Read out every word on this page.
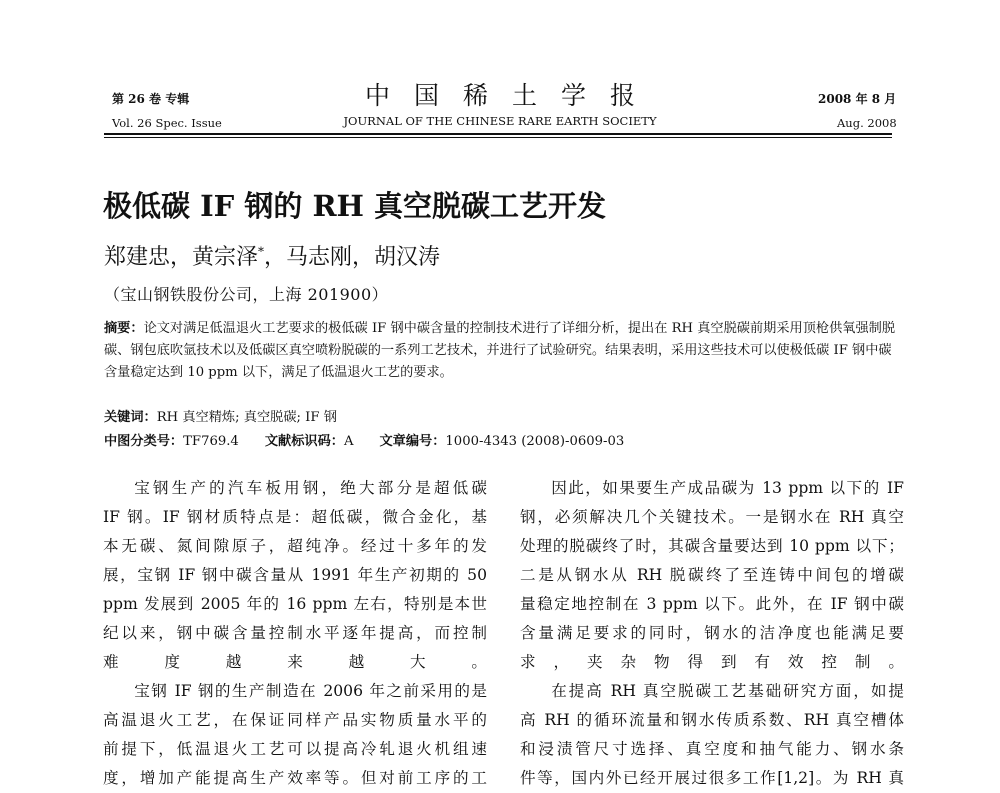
第 26 卷 专辑	中国稀土学报	2008 年 8 月
Vol. 26 Spec. Issue	JOURNAL OF THE CHINESE RARE EARTH SOCIETY	Aug. 2008
极低碳 IF 钢的 RH 真空脱碳工艺开发
郑建忠，黄宗泽*，马志刚，胡汉涛
（宝山钢铁股份公司，上海 201900）
摘要：论文对满足低温退火工艺要求的极低碳 IF 钢中碳含量的控制技术进行了详细分析，提出在 RH 真空脱碳前期采用顶枪供氧强制脱碳、钢包底吹氩技术以及低碳区真空喷粉脱碳的一系列工艺技术，并进行了试验研究。结果表明，采用这些技术可以使极低碳 IF 钢中碳含量稳定达到 10 ppm 以下，满足了低温退火工艺的要求。
关键词：RH 真空精炼; 真空脱碳; IF 钢
中图分类号：TF769.4 文献标识码：A 文章编号：1000-4343 (2008)-0609-03

宝钢生产的汽车板用钢，绝大部分是超低碳
IF 钢。IF 钢材质特点是：超低碳，微合金化，基
本无碳、氮间隙原子，超纯净。经过十多年的发
展，宝钢 IF 钢中碳含量从 1991 年生产初期的 50
ppm 发展到 2005 年的 16 ppm 左右，特别是本世
纪以来，钢中碳含量控制水平逐年提高，而控制
难度越来越大。

宝钢 IF 钢的生产制造在 2006 年之前采用的是
高温退火工艺，在保证同样产品实物质量水平的
前提下，低温退火工艺可以提高冷轧退火机组速
度，增加产能提高生产效率等。但对前工序的工

因此，如果要生产成品碳为 13 ppm 以下的 IF
钢，必须解决几个关键技术。一是钢水在 RH 真空
处理的脱碳终了时，其碳含量要达到 10 ppm 以下；
二是从钢水从 RH 脱碳终了至连铸中间包的增碳
量稳定地控制在 3 ppm 以下。此外，在 IF 钢中碳
含量满足要求的同时，钢水的洁净度也能满足要
求，夹杂物得到有效控制。

在提高 RH 真空脱碳工艺基础研究方面，如提
高 RH 的循环流量和钢水传质系数、RH 真空槽体
和浸渍管尺寸选择、真空度和抽气能力、钢水条
件等，国内外已经开展过很多工作[1,2]。为 RH 真
